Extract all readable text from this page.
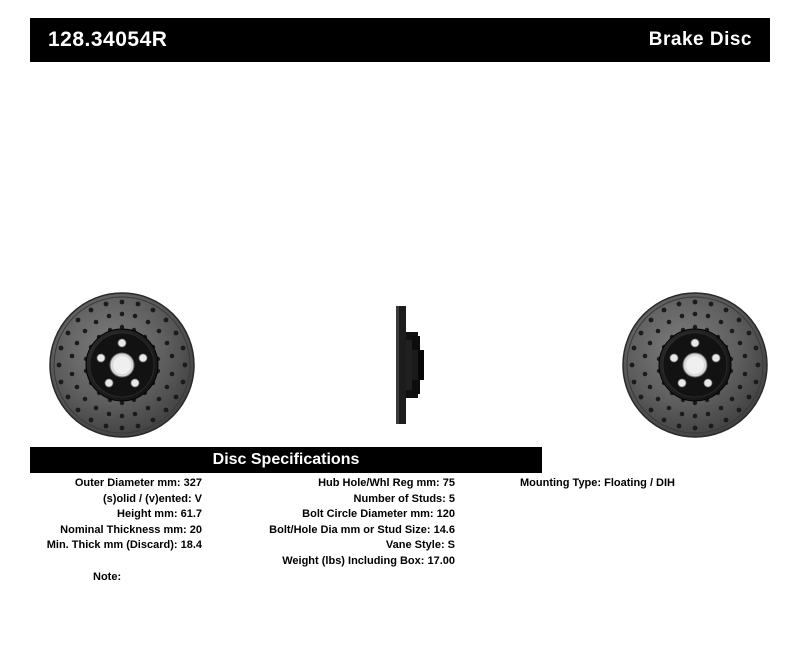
128.34054R	Brake Disc
Disc Specifications
Outer Diameter mm: 327
(s)olid / (v)ented: V
Height mm: 61.7
Nominal Thickness mm: 20
Min. Thick mm (Discard): 18.4
Hub Hole/Whl Reg mm: 75
Number of Studs: 5
Bolt Circle Diameter mm: 120
Bolt/Hole Dia mm or Stud Size: 14.6
Vane Style: S
Weight (lbs) Including Box: 17.00
Mounting Type: Floating / DIH
Note:
